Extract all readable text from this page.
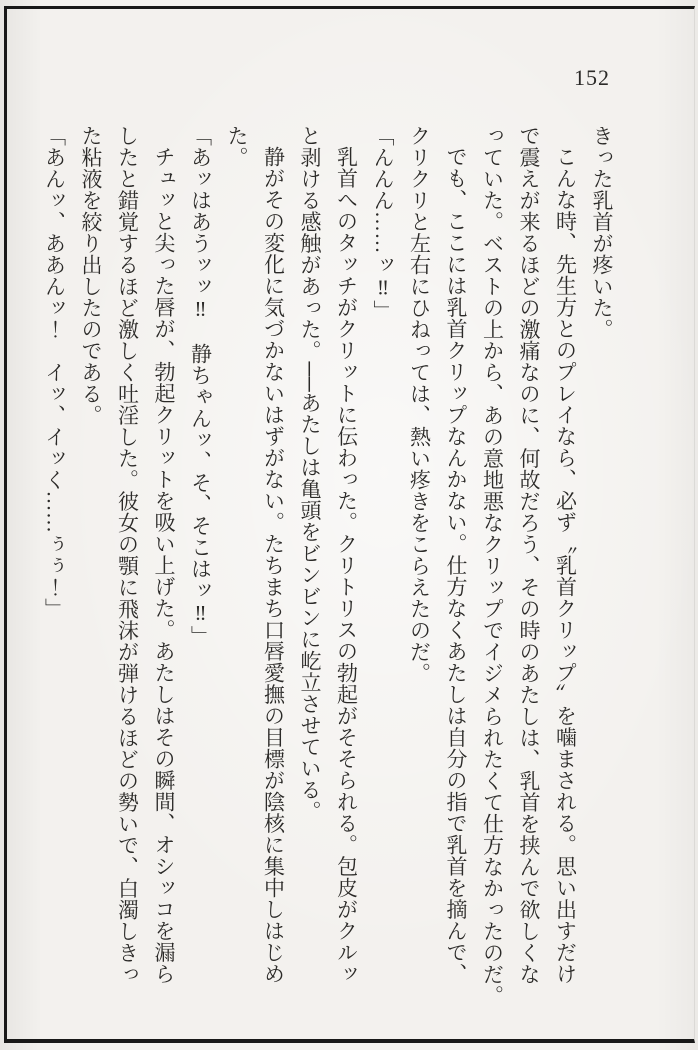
152
きった乳首が疼いた。
こんな時、先生方とのプレイなら、必ず〝乳首クリップ〟を噛まされる。思い出すだけ
で震えが来るほどの激痛なのに、何故だろう、その時のあたしは、乳首を挟んで欲しくな
っていた。ベストの上から、あの意地悪なクリップでイジメられたくて仕方なかったのだ。
でも、ここには乳首クリップなんかない。仕方なくあたしは自分の指で乳首を摘んで、
クリクリと左右にひねっては、熱い疼きをこらえたのだ。
「んんん……ッ‼」
乳首へのタッチがクリットに伝わった。クリトリスの勃起がそそられる。包皮がクルッ
と剥ける感触があった。──あたしは亀頭をビンビンに屹立させている。
静がその変化に気づかないはずがない。たちまち口唇愛撫の目標が陰核に集中しはじめ
た。
「あッはあうッッ‼　静ちゃんッ、そ、そこはッ‼」
チュッと尖った唇が、勃起クリットを吸い上げた。あたしはその瞬間、オシッコを漏ら
したと錯覚するほど激しく吐淫した。彼女の顎に飛沫が弾けるほどの勢いで、白濁しきっ
た粘液を絞り出したのである。
「あんッ、ああんッ！　イッ、イッく……ぅぅ！」
